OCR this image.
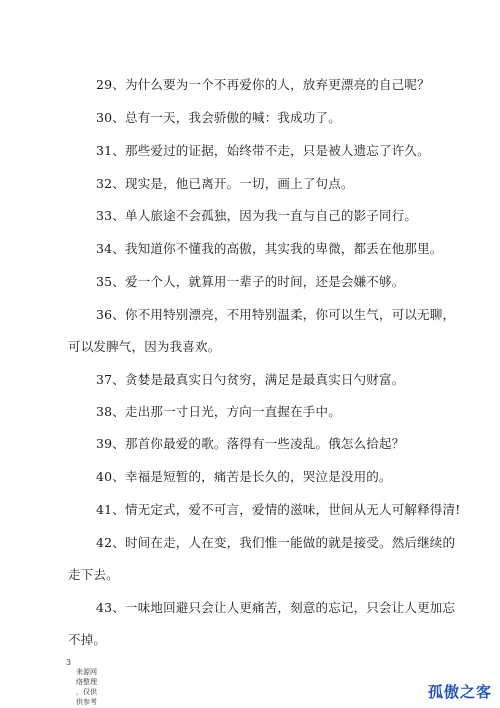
29、为什么要为一个不再爱你的人，放弃更漂亮的自己呢？
30、总有一天，我会骄傲的喊：我成功了。
31、那些爱过的证据，始终带不走，只是被人遗忘了许久。
32、现实是，他已离开。一切，画上了句点。
33、单人旅途不会孤独，因为我一直与自己的影子同行。
34、我知道你不懂我的高傲，其实我的卑微，都丢在他那里。
35、爱一个人，就算用一辈子的时间，还是会嫌不够。
36、你不用特别漂亮，不用特别温柔，你可以生气，可以无聊，
可以发脾气，因为我喜欢。
37、贪婪是最真实日勺贫穷，满足是最真实日勺财富。
38、走出那一寸日光，方向一直握在手中。
39、那首你最爱的歌。落得有一些凌乱。俄怎么拾起？
40、幸福是短暂的，痛苦是长久的，哭泣是没用的。
41、情无定式，爱不可言，爱情的滋味，世间从无人可解释得清!
42、时间在走，人在变，我们惟一能做的就是接受。然后继续的
走下去。
43、一味地回避只会让人更痛苦，刻意的忘记，只会让人更加忘
不掉。
3
来源网
络整理
，仅供
供参考
孤傲之客
